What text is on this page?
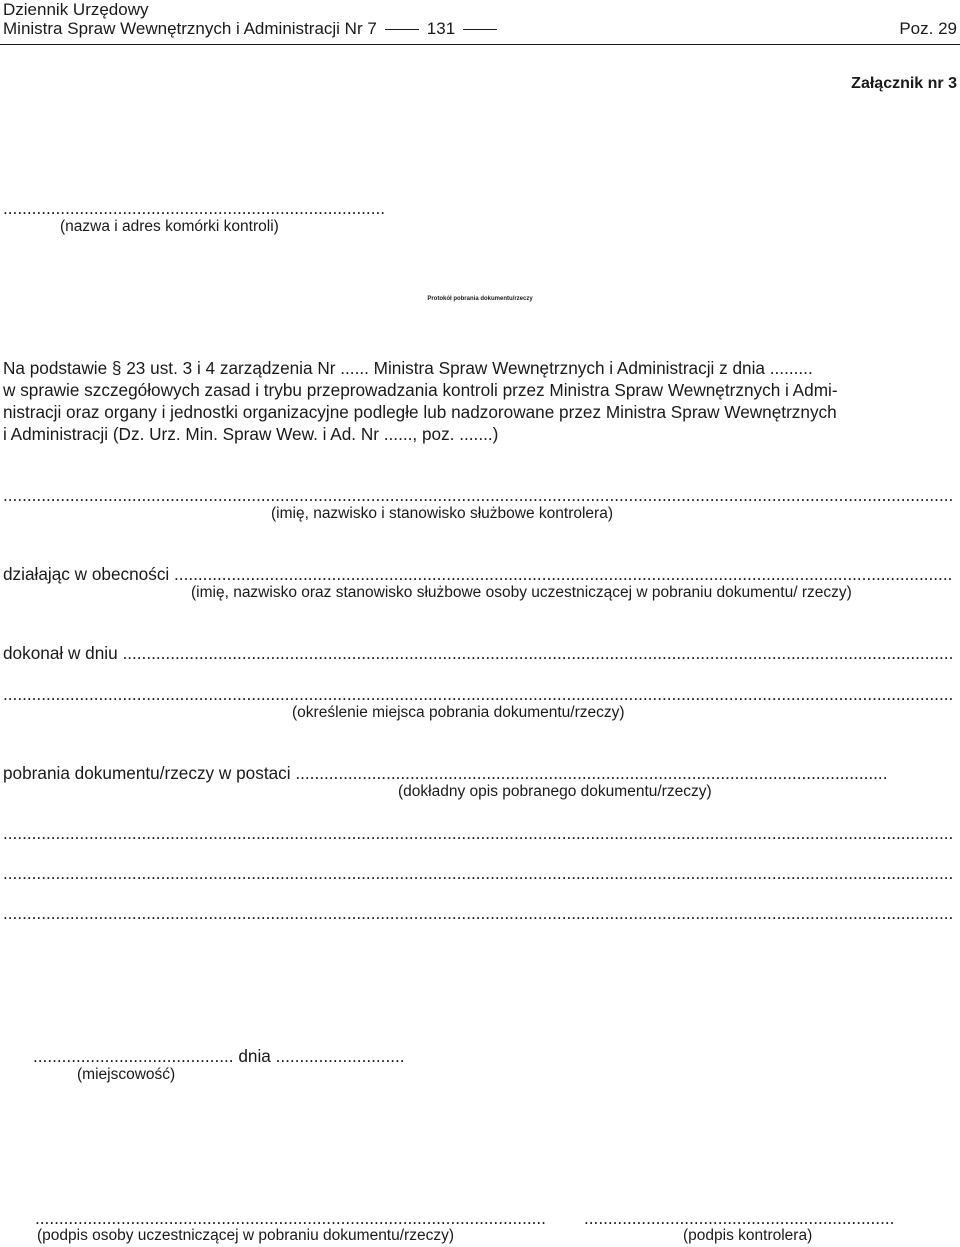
Dziennik Urzędowy
Ministra Spraw Wewnętrznych i Administracji Nr 7	131	Poz. 29
Załącznik nr 3
................................................................................
(nazwa i adres komórki kontroli)
Protokół pobrania dokumentu/rzeczy
Na podstawie § 23 ust. 3 i 4 zarządzenia Nr ...... Ministra Spraw Wewnętrznych i Administracji z dnia .........
w sprawie szczegółowych zasad i trybu przeprowadzania kontroli przez Ministra Spraw Wewnętrznych i Admi-
nistracji oraz organy i jednostki organizacyjne podległe lub nadzorowane przez Ministra Spraw Wewnętrznych
i Administracji (Dz. Urz. Min. Spraw Wew. i Ad. Nr ......, poz. .......)
.......................................................................................................................................................................................................
(imię, nazwisko i stanowisko służbowe kontrolera)
działając w obecności ...................................................................................................................................................................
(imię, nazwisko oraz stanowisko służbowe osoby uczestniczącej w pobraniu dokumentu/ rzeczy)
dokonał w dniu ..............................................................................................................................................................................
.......................................................................................................................................................................................................
(określenie miejsca pobrania dokumentu/rzeczy)
pobrania dokumentu/rzeczy w postaci ............................................................................................................................
(dokładny opis pobranego dokumentu/rzeczy)
.......................................................................................................................................................................................................
.......................................................................................................................................................................................................
.......................................................................................................................................................................................................
.......................................... dnia ...........................
(miejscowość)
...........................................................................................................
(podpis osoby uczestniczącej w pobraniu dokumentu/rzeczy)
.................................................................
(podpis kontrolera)
